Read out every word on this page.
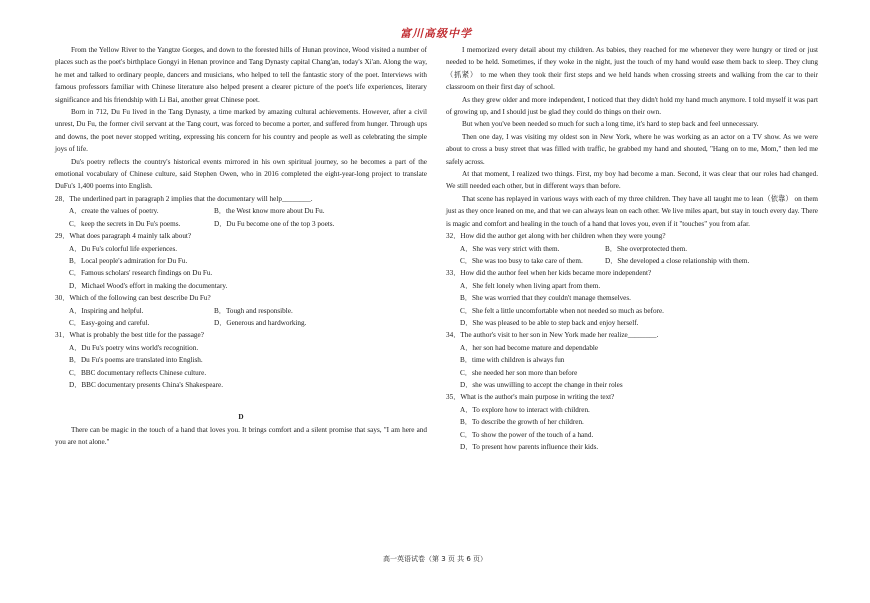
富川高级中学

From the Yellow River to the Yangtze Gorges, and down to the forested hills of Hunan province, Wood visited a number of places such as the poet's birthplace Gongyi in Henan province and Tang Dynasty capital Chang'an, today's Xi'an. Along the way, he met and talked to ordinary people, dancers and musicians, who helped to tell the fantastic story of the poet. Interviews with famous professors familiar with Chinese literature also helped present a clearer picture of the poet's life experiences, literary significance and his friendship with Li Bai, another great Chinese poet.

Born in 712, Du Fu lived in the Tang Dynasty, a time marked by amazing cultural achievements. However, after a civil unrest, Du Fu, the former civil servant at the Tang court, was forced to become a porter, and suffered from hunger. Through ups and downs, the poet never stopped writing, expressing his concern for his country and people as well as celebrating the simple joys of life.

Du's poetry reflects the country's historical events mirrored in his own spiritual journey, so he becomes a part of the emotional vocabulary of Chinese culture, said Stephen Owen, who in 2016 completed the eight-year-long project to translate DuFu's 1,400 poems into English.

28．The underlined part in paragraph 2 implies that the documentary will help________.

A．create the values of poetry.	B．the West know more about Du Fu.

C．keep the secrets in Du Fu's poems.	D．Du Fu become one of the top 3 poets.

29．What does paragraph 4 mainly talk about?

A．Du Fu's colorful life experiences.

B．Local people's admiration for Du Fu.

C．Famous scholars' research findings on Du Fu.

D．Michael Wood's effort in making the documentary.

30．Which of the following can best describe Du Fu?

A．Inspiring and helpful.	B．Tough and responsible.

C．Easy-going and careful.	D．Generous and hardworking.

31．What is probably the best title for the passage?

A．Du Fu's poetry wins world's recognition.

B．Du Fu's poems are translated into English.

C．BBC documentary reflects Chinese culture.

D．BBC documentary presents China's Shakespeare.

D

There can be magic in the touch of a hand that loves you. It brings comfort and a silent promise that says, "I am here and you are not alone."

I memorized every detail about my children. As babies, they reached for me whenever they were hungry or tired or just needed to be held. Sometimes, if they woke in the night, just the touch of my hand would ease them back to sleep. They clung（抓紧） to me when they took their first steps and we held hands when crossing streets and walking from the car to their classroom on their first day of school.

As they grew older and more independent, I noticed that they didn't hold my hand much anymore. I told myself it was part of growing up, and I should just be glad they could do things on their own.

But when you've been needed so much for such a long time, it's hard to step back and feel unnecessary.

Then one day, I was visiting my oldest son in New York, where he was working as an actor on a TV show. As we were about to cross a busy street that was filled with traffic, he grabbed my hand and shouted, "Hang on to me, Mom," then led me safely across.

At that moment, I realized two things. First, my boy had become a man. Second, it was clear that our roles had changed. We still needed each other, but in different ways than before.

That scene has replayed in various ways with each of my three children. They have all taught me to lean（依靠） on them just as they once leaned on me, and that we can always lean on each other. We live miles apart, but stay in touch every day. There is magic and comfort and healing in the touch of a hand that loves you, even if it "touches" you from afar.

32．How did the author get along with her children when they were young?

A．She was very strict with them.	B．She overprotected them.

C．She was too busy to take care of them.	D．She developed a close relationship with them.

33．How did the author feel when her kids became more independent?

A．She felt lonely when living apart from them.

B．She was worried that they couldn't manage themselves.

C．She felt a little uncomfortable when not needed so much as before.

D．She was pleased to be able to step back and enjoy herself.

34．The author's visit to her son in New York made her realize________.

A．her son had become mature and dependable

B．time with children is always fun

C．she needed her son more than before

D．she was unwilling to accept the change in their roles

35．What is the author's main purpose in writing the text?

A．To explore how to interact with children.

B．To describe the growth of her children.

C．To show the power of the touch of a hand.

D．To present how parents influence their kids.

高一英语试卷（第 3 页 共 6 页）
